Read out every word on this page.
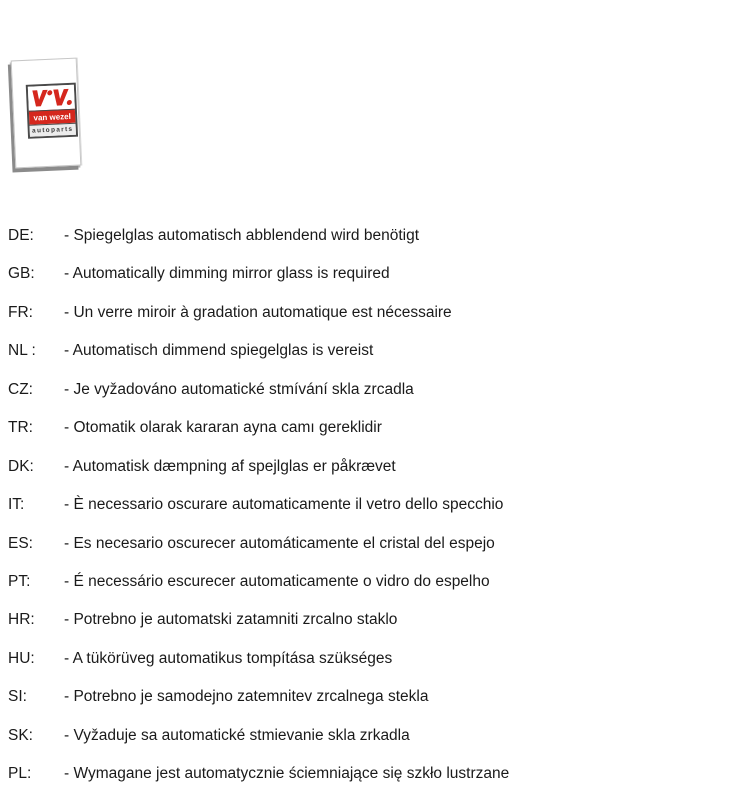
van wezel
autoparts
DE: - Spiegelglas automatisch abblendend wird benötigt
GB: - Automatically dimming mirror glass is required
FR: - Un verre miroir à gradation automatique est nécessaire
NL : - Automatisch dimmend spiegelglas is vereist
CZ: - Je vyžadováno automatické stmívání skla zrcadla
TR: - Otomatik olarak kararan ayna camı gereklidir
DK: - Automatisk dæmpning af spejlglas er påkrævet
IT:	- È necessario oscurare automaticamente il vetro dello specchio
ES: - Es necesario oscurecer automáticamente el cristal del espejo
PT: - É necessário escurecer automaticamente o vidro do espelho
HR: - Potrebno je automatski zatamniti zrcalno staklo
HU: - A tükörüveg automatikus tompítása szükséges
SI: - Potrebno je samodejno zatemnitev zrcalnega stekla
SK: - Vyžaduje sa automatické stmievanie skla zrkadla
PL: - Wymagane jest automatycznie ściemniające się szkło lustrzane
